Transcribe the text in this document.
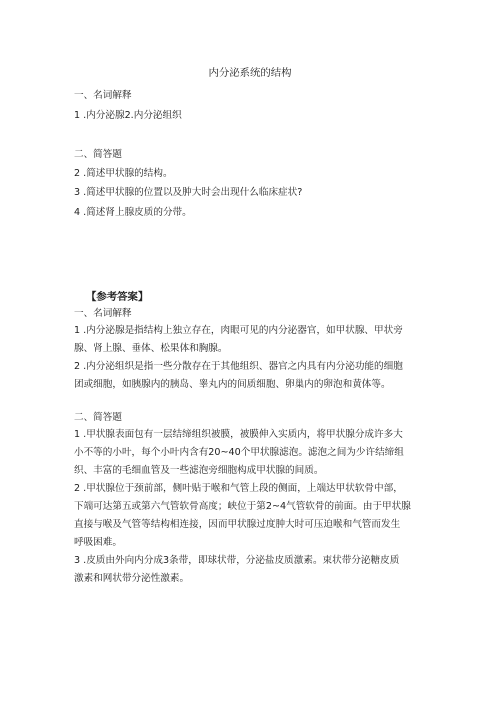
内分泌系统的结构
一、名词解释
1 .内分泌腺2.内分泌组织
二、简答题
2 .简述甲状腺的结构。
3 .简述甲状腺的位置以及肿大时会出现什么临床症状?
4 .简述肾上腺皮质的分带。
【参考答案】
一、名词解释

1 .内分泌腺是指结构上独立存在，肉眼可见的内分泌器官，如甲状腺、甲状旁

腺、肾上腺、垂体、松果体和胸腺。

2 .内分泌组织是指一些分散存在于其他组织、器官之内具有内分泌功能的细胞

团或细胞，如胰腺内的胰岛、睾丸内的间质细胞、卵巢内的卵泡和黄体等。

二、简答题

1 .甲状腺表面包有一层结缔组织被膜，被膜伸入实质内，将甲状腺分成许多大

小不等的小叶，每个小叶内含有20~40个甲状腺滤泡。滤泡之间为少许结缔组

织、丰富的毛细血管及一些滤泡旁细胞构成甲状腺的间质。

2 .甲状腺位于颈前部，侧叶贴于喉和气管上段的侧面，上端达甲状软骨中部，

下端可达第五或第六气管软骨高度；峡位于第2~4气管软骨的前面。由于甲状腺

直接与喉及气管等结构相连接，因而甲状腺过度肿大时可压迫喉和气管而发生

呼吸困难。

3 .皮质由外向内分成3条带，即球状带，分泌盐皮质激素。束状带分泌糖皮质

激素和网状带分泌性激素。
